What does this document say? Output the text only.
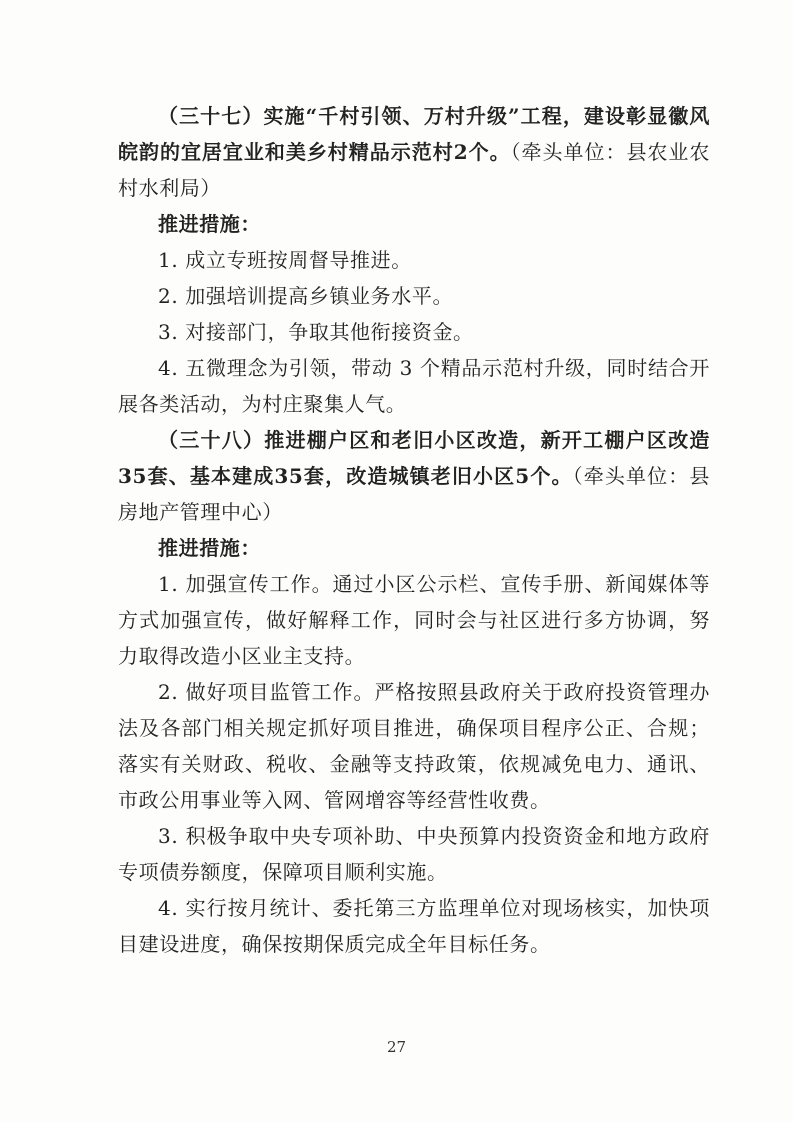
（三十七）实施“千村引领、万村升级”工程，建设彰显徽风皖韵的宜居宜业和美乡村精品示范村2个。（牵头单位：县农业农村水利局）

推进措施：

1. 成立专班按周督导推进。

2. 加强培训提高乡镇业务水平。

3. 对接部门，争取其他衔接资金。

4. 五微理念为引领，带动 3 个精品示范村升级，同时结合开展各类活动，为村庄聚集人气。

（三十八）推进棚户区和老旧小区改造，新开工棚户区改造35套、基本建成35套，改造城镇老旧小区5个。（牵头单位：县房地产管理中心）

推进措施：

1. 加强宣传工作。通过小区公示栏、宣传手册、新闻媒体等方式加强宣传，做好解释工作，同时会与社区进行多方协调，努力取得改造小区业主支持。

2. 做好项目监管工作。严格按照县政府关于政府投资管理办法及各部门相关规定抓好项目推进，确保项目程序公正、合规；落实有关财政、税收、金融等支持政策，依规减免电力、通讯、市政公用事业等入网、管网增容等经营性收费。

3. 积极争取中央专项补助、中央预算内投资资金和地方政府专项债券额度，保障项目顺利实施。

4. 实行按月统计、委托第三方监理单位对现场核实，加快项目建设进度，确保按期保质完成全年目标任务。

27
